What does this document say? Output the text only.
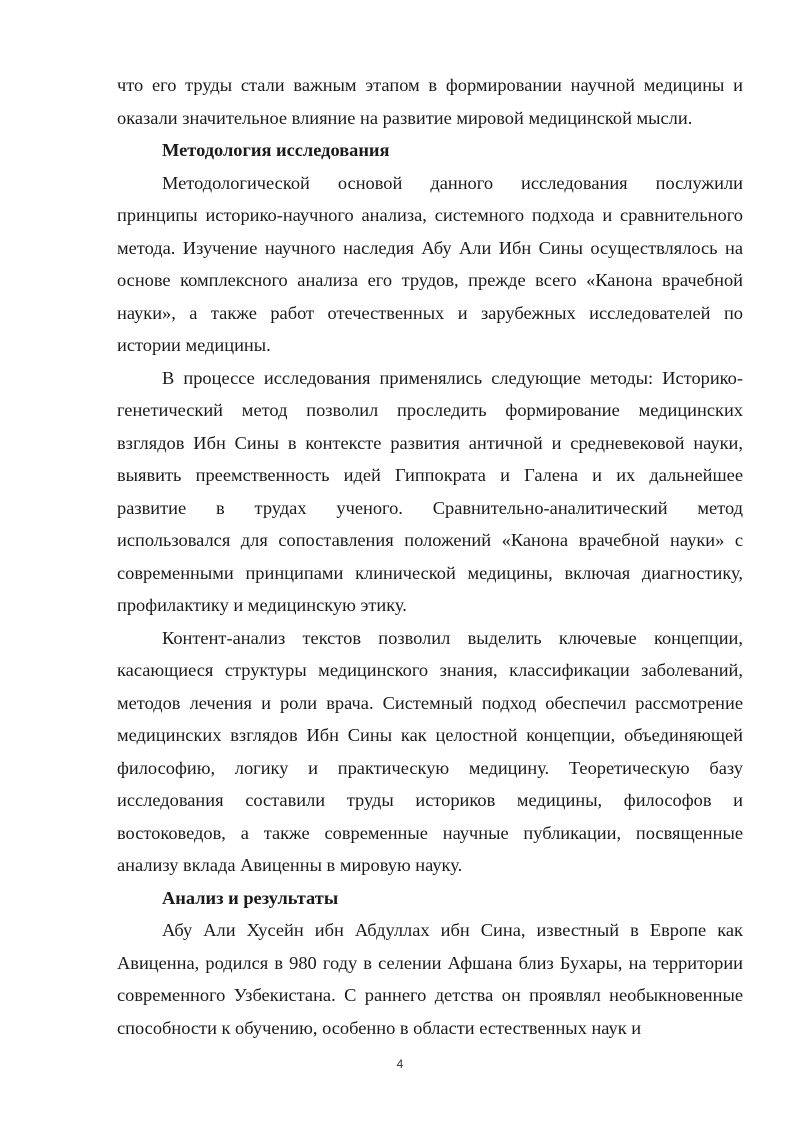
что его труды стали важным этапом в формировании научной медицины и
оказали значительное влияние на развитие мировой медицинской мысли.
Методология исследования
Методологической основой данного исследования послужили
принципы историко-научного анализа, системного подхода и сравнительного
метода. Изучение научного наследия Абу Али Ибн Сины осуществлялось на
основе комплексного анализа его трудов, прежде всего «Канона врачебной
науки», а также работ отечественных и зарубежных исследователей по
истории медицины.
В процессе исследования применялись следующие методы: Историко-
генетический метод позволил проследить формирование медицинских
взглядов Ибн Сины в контексте развития античной и средневековой науки,
выявить преемственность идей Гиппократа и Галена и их дальнейшее
развитие в трудах ученого. Сравнительно-аналитический метод
использовался для сопоставления положений «Канона врачебной науки» с
современными принципами клинической медицины, включая диагностику,
профилактику и медицинскую этику.
Контент-анализ текстов позволил выделить ключевые концепции,
касающиеся структуры медицинского знания, классификации заболеваний,
методов лечения и роли врача. Системный подход обеспечил рассмотрение
медицинских взглядов Ибн Сины как целостной концепции, объединяющей
философию, логику и практическую медицину. Теоретическую базу
исследования составили труды историков медицины, философов и
востоковедов, а также современные научные публикации, посвященные
анализу вклада Авиценны в мировую науку.
Анализ и результаты
Абу Али Хусейн ибн Абдуллах ибн Сина, известный в Европе как
Авиценна, родился в 980 году в селении Афшана близ Бухары, на территории
современного Узбекистана. С раннего детства он проявлял необыкновенные
способности к обучению, особенно в области естественных наук и
4
